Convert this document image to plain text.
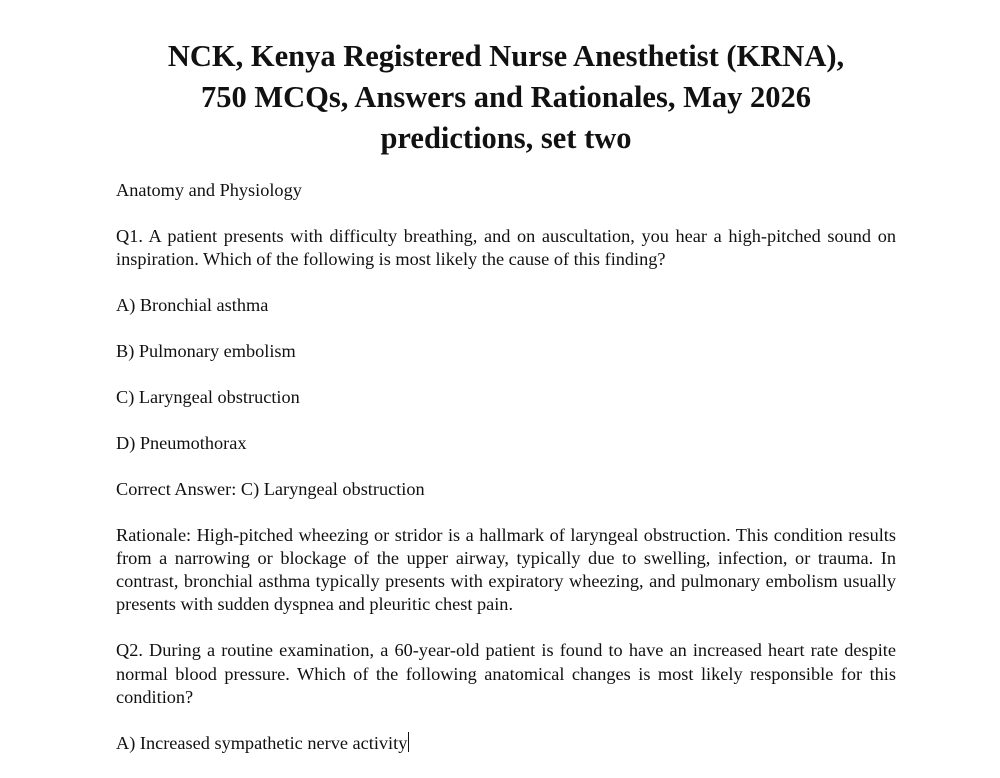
NCK, Kenya Registered Nurse Anesthetist (KRNA),
750 MCQs, Answers and Rationales, May 2026
predictions, set two

Anatomy and Physiology

Q1. A patient presents with difficulty breathing, and on auscultation, you hear a high-pitched sound on inspiration. Which of the following is most likely the cause of this finding?

A) Bronchial asthma

B) Pulmonary embolism

C) Laryngeal obstruction

D) Pneumothorax

Correct Answer: C) Laryngeal obstruction

Rationale: High-pitched wheezing or stridor is a hallmark of laryngeal obstruction. This condition results from a narrowing or blockage of the upper airway, typically due to swelling, infection, or trauma. In contrast, bronchial asthma typically presents with expiratory wheezing, and pulmonary embolism usually presents with sudden dyspnea and pleuritic chest pain.

Q2. During a routine examination, a 60-year-old patient is found to have an increased heart rate despite normal blood pressure. Which of the following anatomical changes is most likely responsible for this condition?

A) Increased sympathetic nerve activity
